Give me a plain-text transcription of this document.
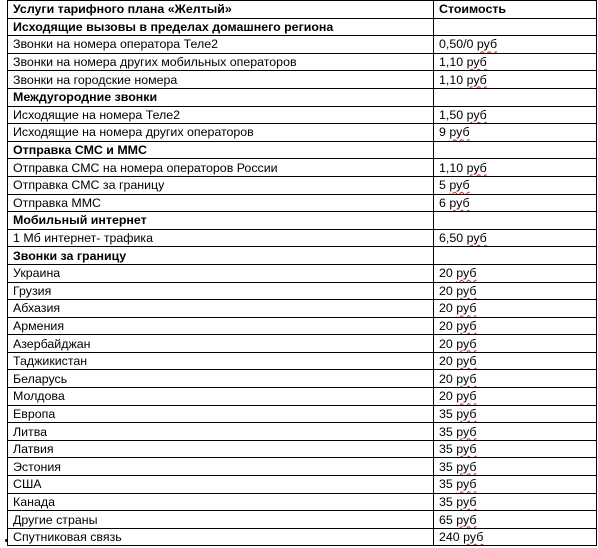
Услуги тарифного плана «Желтый»	Стоимость
Исходящие вызовы в пределах домашнего региона	
Звонки на номера оператора Теле2	0,50/0 руб
Звонки на номера других мобильных операторов	1,10 руб
Звонки на городские номера	1,10 руб
Междугородние звонки	
Исходящие на номера Теле2	1,50 руб
Исходящие на номера других операторов	9 руб
Отправка СМС и ММС	
Отправка СМС на номера операторов России	1,10 руб
Отправка СМС за границу	5 руб
Отправка ММС	6 руб
Мобильный интернет	
1 Мб интернет- трафика	6,50 руб
Звонки за границу	
Украина	20 руб
Грузия	20 руб
Абхазия	20 руб
Армения	20 руб
Азербайджан	20 руб
Таджикистан	20 руб
Беларусь	20 руб
Молдова	20 руб
Европа	35 руб
Литва	35 руб
Латвия	35 руб
Эстония	35 руб
США	35 руб
Канада	35 руб
Другие страны	65 руб
Спутниковая связь	240 руб
